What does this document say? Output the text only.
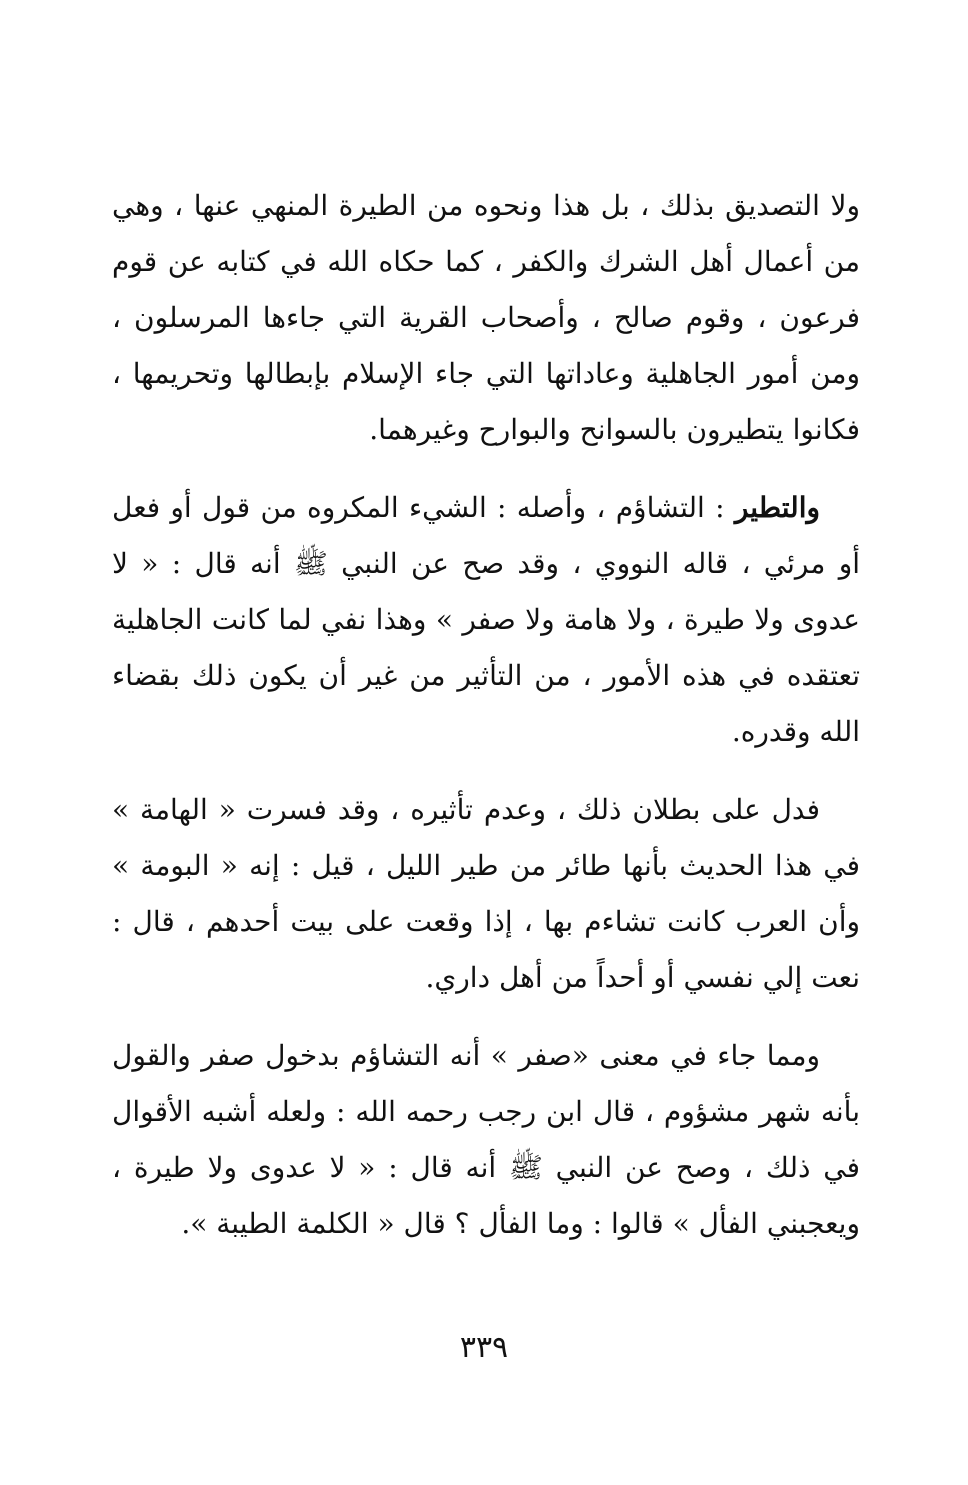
ولا التصديق بذلك ، بل هذا ونحوه من الطيرة المنهي عنها ، وهي من أعمال أهل الشرك والكفر ، كما حكاه الله في كتابه عن قوم فرعون ، وقوم صالح ، وأصحاب القرية التي جاءها المرسلون ، ومن أمور الجاهلية وعاداتها التي جاء الإسلام بإبطالها وتحريمها ، فكانوا يتطيرون بالسوانح والبوارح وغيرهما.

والتطير : التشاؤم ، وأصله : الشيء المكروه من قول أو فعل أو مرئي ، قاله النووي ، وقد صح عن النبي ﷺ أنه قال : « لا عدوى ولا طيرة ، ولا هامة ولا صفر » وهذا نفي لما كانت الجاهلية تعتقده في هذه الأمور ، من التأثير من غير أن يكون ذلك بقضاء الله وقدره.

فدل على بطلان ذلك ، وعدم تأثيره ، وقد فسرت « الهامة » في هذا الحديث بأنها طائر من طير الليل ، قيل : إنه « البومة » وأن العرب كانت تشاءم بها ، إذا وقعت على بيت أحدهم ، قال : نعت إلي نفسي أو أحداً من أهل داري.

ومما جاء في معنى «صفر » أنه التشاؤم بدخول صفر والقول بأنه شهر مشؤوم ، قال ابن رجب رحمه الله : ولعله أشبه الأقوال في ذلك ، وصح عن النبي ﷺ أنه قال : « لا عدوى ولا طيرة ، ويعجبني الفأل » قالوا : وما الفأل ؟ قال « الكلمة الطيبة ».

٣٣٩
